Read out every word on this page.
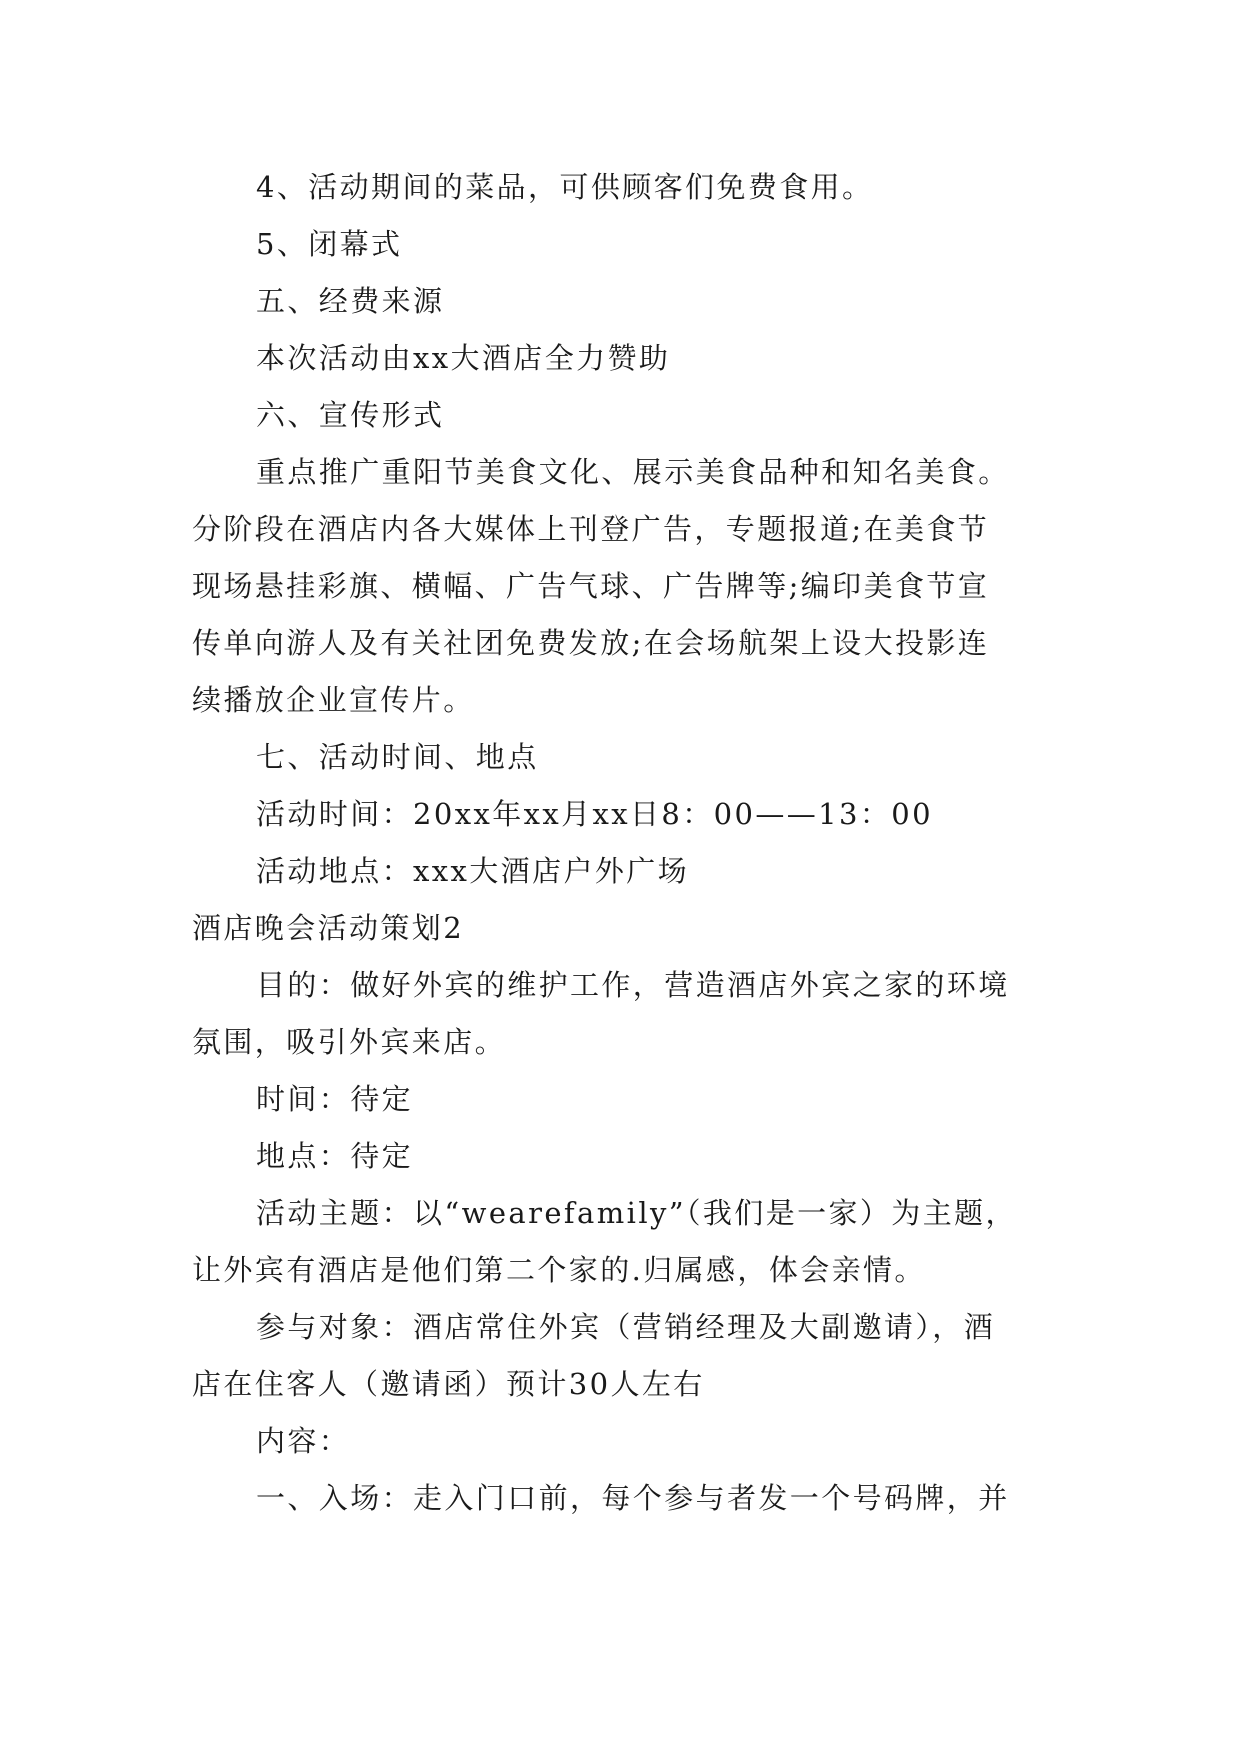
4、活动期间的菜品，可供顾客们免费食用。

5、闭幕式

五、经费来源

本次活动由xx大酒店全力赞助

六、宣传形式

重点推广重阳节美食文化、展示美食品种和知名美食。

分阶段在酒店内各大媒体上刊登广告，专题报道;在美食节

现场悬挂彩旗、横幅、广告气球、广告牌等;编印美食节宣

传单向游人及有关社团免费发放;在会场航架上设大投影连

续播放企业宣传片。

七、活动时间、地点

活动时间：20xx年xx月xx日8：00——13：00

活动地点：xxx大酒店户外广场

酒店晚会活动策划2

目的：做好外宾的维护工作，营造酒店外宾之家的环境

氛围，吸引外宾来店。

时间：待定

地点：待定

活动主题：以“wearefamily”（我们是一家）为主题，

让外宾有酒店是他们第二个家的.归属感，体会亲情。

参与对象：酒店常住外宾（营销经理及大副邀请），酒

店在住客人（邀请函）预计30人左右

内容：

一、入场：走入门口前，每个参与者发一个号码牌，并
